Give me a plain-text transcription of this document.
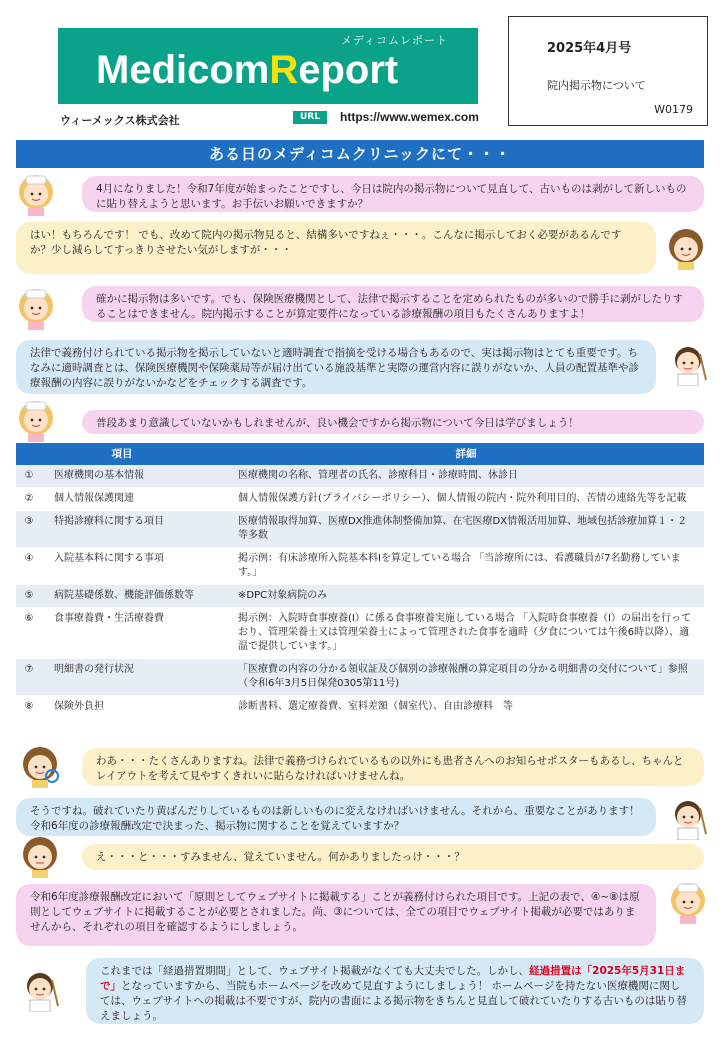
メディコムレポート
MedicomReport
ウィーメックス株式会社	URL	https://www.wemex.com
2025年4月号
院内掲示物について
W0179
ある日のメディコムクリニックにて・・・
4月になりました！令和7年度が始まったことですし、今日は院内の掲示物について見直して、古いものは剥がして新しいものに貼り替えようと思います。お手伝いお願いできますか？
はい！もちろんです！ でも、改めて院内の掲示物見ると、結構多いですねぇ・・・。こんなに掲示しておく必要があるんですか？少し減らしてすっきりさせたい気がしますが・・・
確かに掲示物は多いです。でも、保険医療機関として、法律で掲示することを定められたものが多いので勝手に剥がしたりすることはできません。院内掲示することが算定要件になっている診療報酬の項目もたくさんありますよ！
法律で義務付けられている掲示物を掲示していないと適時調査で指摘を受ける場合もあるので、実は掲示物はとても重要です。ちなみに適時調査とは、保険医療機関や保険薬局等が届け出ている施設基準と実際の運営内容に誤りがないか、人員の配置基準や診療報酬の内容に誤りがないかなどをチェックする調査です。
普段あまり意識していないかもしれませんが、良い機会ですから掲示物について今日は学びましょう！
項目		詳細
①	医療機関の基本情報	医療機関の名称、管理者の氏名、診療科目・診療時間、休診日
②	個人情報保護関連	個人情報保護方針(プライバシーポリシー）、個人情報の院内・院外利用目的、苦情の連絡先等を記載
③	特掲診療料に関する項目	医療情報取得加算、医療DX推進体制整備加算、在宅医療DX情報活用加算、地域包括診療加算１・２　等多数
④	入院基本料に関する事項	掲示例：有床診療所入院基本料Ⅰを算定している場合 「当診療所には、看護職員が7名勤務しています。」
⑤	病院基礎係数、機能評価係数等	※DPC対象病院のみ
⑥	食事療養費・生活療養費	掲示例：入院時食事療養(Ⅰ）に係る食事療養実施している場合 「入院時食事療養（Ⅰ）の届出を行っており、管理栄養士又は管理栄養士によって管理された食事を適時（夕食については午後6時以降）、適温で提供しています。」
⑦	明細書の発行状況	「医療費の内容の分かる領収証及び個別の診療報酬の算定項目の分かる明細書の交付について」参照（令和6年3月5日保発0305第11号)
⑧	保険外負担	診断書料、選定療養費、室料差額（個室代）、自由診療料　等
わあ・・・たくさんありますね。法律で義務づけられているもの以外にも患者さんへのお知らせポスターもあるし、ちゃんとレイアウトを考えて見やすくきれいに貼らなければいけませんね。
そうですね。破れていたり黄ばんだりしているものは新しいものに変えなければいけません。それから、重要なことがあります！令和6年度の診療報酬改定で決まった、掲示物に関することを覚えていますか？
え・・・と・・・すみません、覚えていません。何かありましたっけ・・・？
令和6年度診療報酬改定において「原則としてウェブサイトに掲載する」ことが義務付けられた項目です。上記の表で、④~⑧は原則としてウェブサイトに掲載することが必要とされました。尚、③については、全ての項目でウェブサイト掲載が必要ではありませんから、それぞれの項目を確認するようにしましょう。
これまでは「経過措置期間」として、ウェブサイト掲載がなくても大丈夫でした。しかし、経過措置は「2025年5月31日まで」となっていますから、当院もホームページを改めて見直すようにしましょう！ ホームページを持たない医療機関に関しては、ウェブサイトへの掲載は不要ですが、院内の書面による掲示物をきちんと見直して破れていたりする古いものは貼り替えましょう。
